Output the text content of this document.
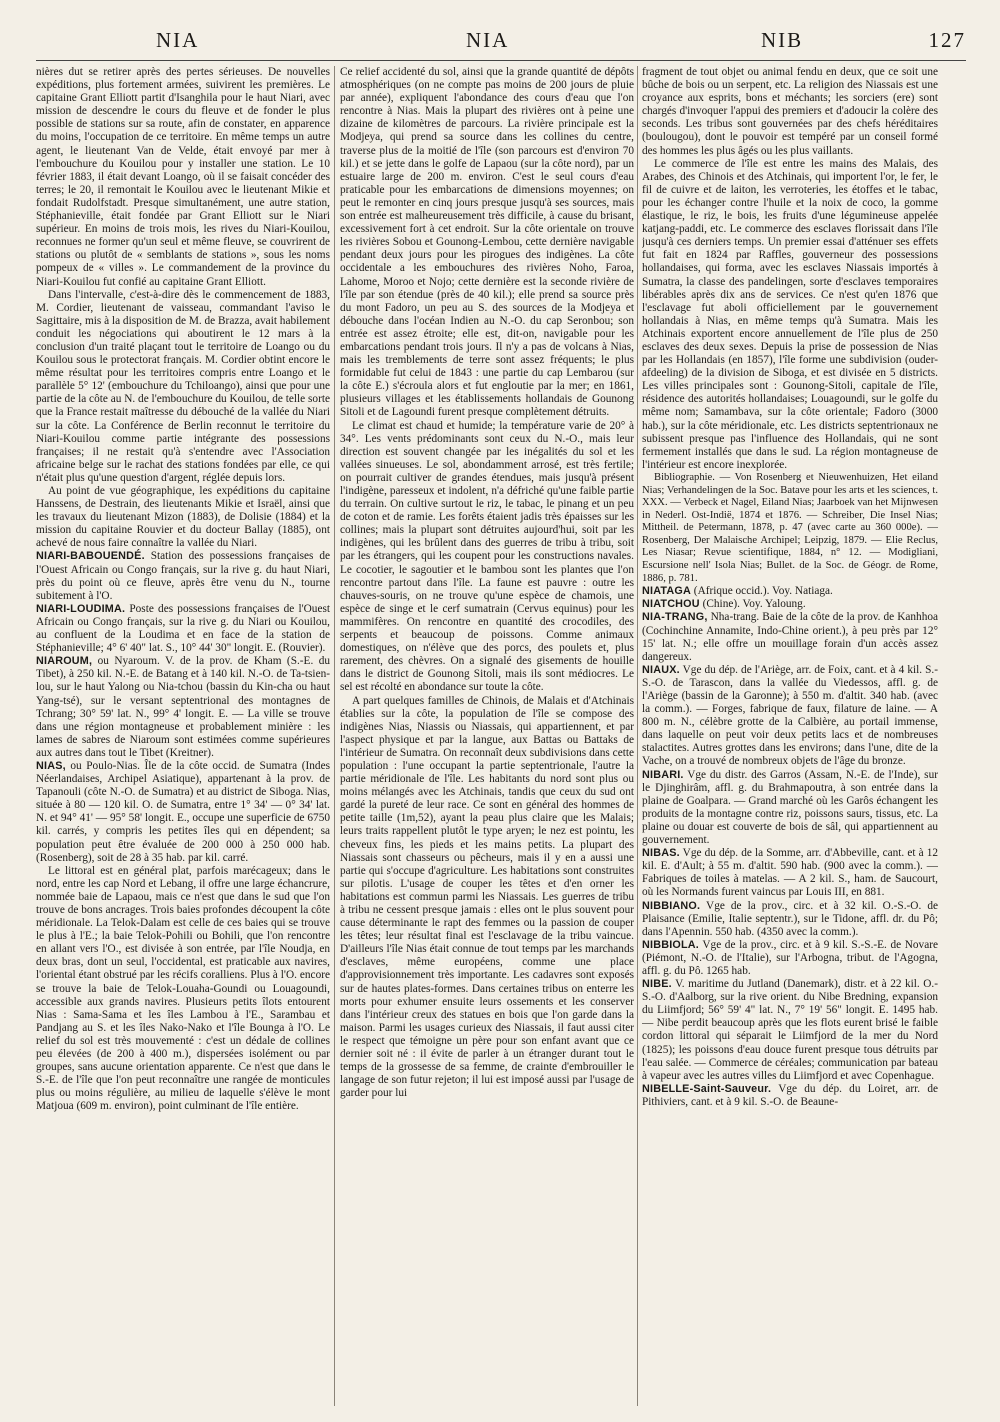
NIA	NIA	NIB	127

nières dut se retirer après des pertes sérieuses. De nouvelles expéditions, plus fortement armées, suivirent les premières. Le capitaine Grant Elliott partit d'Isanghila pour le haut Niari, avec mission de descendre le cours du fleuve et de fonder le plus possible de stations sur sa route, afin de constater, en apparence du moins, l'occupation de ce territoire. En même temps un autre agent, le lieutenant Van de Velde, était envoyé par mer à l'embouchure du Kouilou pour y installer une station. Le 10 février 1883, il était devant Loango, où il se faisait concéder des terres; le 20, il remontait le Kouilou avec le lieutenant Mikie et fondait Rudolfstadt. Presque simultanément, une autre station, Stéphanieville, était fondée par Grant Elliott sur le Niari supérieur. En moins de trois mois, les rives du Niari-Kouilou, reconnues ne former qu'un seul et même fleuve, se couvrirent de stations ou plutôt de « semblants de stations », sous les noms pompeux de « villes ». Le commandement de la province du Niari-Kouilou fut confié au capitaine Grant Elliott.

Dans l'intervalle, c'est-à-dire dès le commencement de 1883, M. Cordier, lieutenant de vaisseau, commandant l'aviso le Sagittaire, mis à la disposition de M. de Brazza, avait habilement conduit les négociations qui aboutirent le 12 mars à la conclusion d'un traité plaçant tout le territoire de Loango ou du Kouilou sous le protectorat français. M. Cordier obtint encore le même résultat pour les territoires compris entre Loango et le parallèle 5° 12' (embouchure du Tchiloango), ainsi que pour une partie de la côte au N. de l'embouchure du Kouilou, de telle sorte que la France restait maîtresse du débouché de la vallée du Niari sur la côte. La Conférence de Berlin reconnut le territoire du Niari-Kouilou comme partie intégrante des possessions françaises; il ne restait qu'à s'entendre avec l'Association africaine belge sur le rachat des stations fondées par elle, ce qui n'était plus qu'une question d'argent, réglée depuis lors.

Au point de vue géographique, les expéditions du capitaine Hanssens, de Destrain, des lieutenants Mikie et Israël, ainsi que les travaux du lieutenant Mizon (1883), de Dolisie (1884) et la mission du capitaine Rouvier et du docteur Ballay (1885), ont achevé de nous faire connaître la vallée du Niari.

NIARI-BABOUENDÉ. Station des possessions françaises de l'Ouest Africain ou Congo français, sur la rive g. du haut Niari, près du point où ce fleuve, après être venu du N., tourne subitement à l'O.

NIARI-LOUDIMA. Poste des possessions françaises de l'Ouest Africain ou Congo français, sur la rive g. du Niari ou Kouilou, au confluent de la Loudima et en face de la station de Stéphanieville; 4° 6' 40" lat. S., 10° 44' 30" longit. E. (Rouvier).

NIAROUM, ou Nyaroum. V. de la prov. de Kham (S.-E. du Tibet), à 250 kil. N.-E. de Batang et à 140 kil. N.-O. de Ta-tsien-lou, sur le haut Yalong ou Nia-tchou (bassin du Kin-cha ou haut Yang-tsé), sur le versant septentrional des montagnes de Tchrang; 30° 59' lat. N., 99° 4' longit. E. — La ville se trouve dans une région montagneuse et probablement minière : les lames de sabres de Niaroum sont estimées comme supérieures aux autres dans tout le Tibet (Kreitner).

NIAS, ou Poulo-Nias. Île de la côte occid. de Sumatra (Indes Néerlandaises, Archipel Asiatique), appartenant à la prov. de Tapanouli (côte N.-O. de Sumatra) et au district de Siboga. Nias, située à 80 — 120 kil. O. de Sumatra, entre 1° 34' — 0° 34' lat. N. et 94° 41' — 95° 58' longit. E., occupe une superficie de 6750 kil. carrés, y compris les petites îles qui en dépendent; sa population peut être évaluée de 200 000 à 250 000 hab. (Rosenberg), soit de 28 à 35 hab. par kil. carré.

Le littoral est en général plat, parfois marécageux; dans le nord, entre les cap Nord et Lebang, il offre une large échancrure, nommée baie de Lapaou, mais ce n'est que dans le sud que l'on trouve de bons ancrages. Trois baies profondes découpent la côte méridionale. La Telok-Dalam est celle de ces baies qui se trouve le plus à l'E.; la baie Telok-Pohili ou Bohili, que l'on rencontre en allant vers l'O., est divisée à son entrée, par l'île Noudja, en deux bras, dont un seul, l'occidental, est praticable aux navires, l'oriental étant obstrué par les récifs coralliens. Plus à l'O. encore se trouve la baie de Telok-Louaha-Goundi ou Louagoundi, accessible aux grands navires. Plusieurs petits îlots entourent Nias : Sama-Sama et les îles Lambou à l'E., Sarambau et Pandjang au S. et les îles Nako-Nako et l'île Bounga à l'O. Le relief du sol est très mouvementé : c'est un dédale de collines peu élevées (de 200 à 400 m.), dispersées isolément ou par groupes, sans aucune orientation apparente. Ce n'est que dans le S.-E. de l'île que l'on peut reconnaître une rangée de monticules plus ou moins régulière, au milieu de laquelle s'élève le mont Matjoua (609 m. environ), point culminant de l'île entière.

Ce relief accidenté du sol, ainsi que la grande quantité de dépôts atmosphériques (on ne compte pas moins de 200 jours de pluie par année), expliquent l'abondance des cours d'eau que l'on rencontre à Nias. Mais la plupart des rivières ont à peine une dizaine de kilomètres de parcours. La rivière principale est la Modjeya, qui prend sa source dans les collines du centre, traverse plus de la moitié de l'île (son parcours est d'environ 70 kil.) et se jette dans le golfe de Lapaou (sur la côte nord), par un estuaire large de 200 m. environ. C'est le seul cours d'eau praticable pour les embarcations de dimensions moyennes; on peut le remonter en cinq jours presque jusqu'à ses sources, mais son entrée est malheureusement très difficile, à cause du brisant, excessivement fort à cet endroit. Sur la côte orientale on trouve les rivières Sobou et Gounong-Lembou, cette dernière navigable pendant deux jours pour les pirogues des indigènes. La côte occidentale a les embouchures des rivières Noho, Faroa, Lahome, Moroo et Nojo; cette dernière est la seconde rivière de l'île par son étendue (près de 40 kil.); elle prend sa source près du mont Fadoro, un peu au S. des sources de la Modjeya et débouche dans l'océan Indien au N.-O. du cap Seronbou; son entrée est assez étroite; elle est, dit-on, navigable pour les embarcations pendant trois jours. Il n'y a pas de volcans à Nias, mais les tremblements de terre sont assez fréquents; le plus formidable fut celui de 1843 : une partie du cap Lembarou (sur la côte E.) s'écroula alors et fut engloutie par la mer; en 1861, plusieurs villages et les établissements hollandais de Gounong Sitoli et de Lagoundi furent presque complètement détruits.

Le climat est chaud et humide; la température varie de 20° à 34°. Les vents prédominants sont ceux du N.-O., mais leur direction est souvent changée par les inégalités du sol et les vallées sinueuses. Le sol, abondamment arrosé, est très fertile; on pourrait cultiver de grandes étendues, mais jusqu'à présent l'indigène, paresseux et indolent, n'a défriché qu'une faible partie du terrain. On cultive surtout le riz, le tabac, le pinang et un peu de coton et de ramie. Les forêts étaient jadis très épaisses sur les collines; mais la plupart sont détruites aujourd'hui, soit par les indigènes, qui les brûlent dans des guerres de tribu à tribu, soit par les étrangers, qui les coupent pour les constructions navales. Le cocotier, le sagoutier et le bambou sont les plantes que l'on rencontre partout dans l'île. La faune est pauvre : outre les chauves-souris, on ne trouve qu'une espèce de chamois, une espèce de singe et le cerf sumatrain (Cervus equinus) pour les mammifères. On rencontre en quantité des crocodiles, des serpents et beaucoup de poissons. Comme animaux domestiques, on n'élève que des porcs, des poulets et, plus rarement, des chèvres. On a signalé des gisements de houille dans le district de Gounong Sitoli, mais ils sont médiocres. Le sel est récolté en abondance sur toute la côte.

A part quelques familles de Chinois, de Malais et d'Atchinais établies sur la côte, la population de l'île se compose des indigènes Nias, Niassis ou Niassais, qui appartiennent, et par l'aspect physique et par la langue, aux Battas ou Battaks de l'intérieur de Sumatra. On reconnaît deux subdivisions dans cette population : l'une occupant la partie septentrionale, l'autre la partie méridionale de l'île. Les habitants du nord sont plus ou moins mélangés avec les Atchinais, tandis que ceux du sud ont gardé la pureté de leur race. Ce sont en général des hommes de petite taille (1m,52), ayant la peau plus claire que les Malais; leurs traits rappellent plutôt le type aryen; le nez est pointu, les cheveux fins, les pieds et les mains petits. La plupart des Niassais sont chasseurs ou pêcheurs, mais il y en a aussi une partie qui s'occupe d'agriculture. Les habitations sont construites sur pilotis. L'usage de couper les têtes et d'en orner les habitations est commun parmi les Niassais. Les guerres de tribu à tribu ne cessent presque jamais : elles ont le plus souvent pour cause déterminante le rapt des femmes ou la passion de couper les têtes; leur résultat final est l'esclavage de la tribu vaincue. D'ailleurs l'île Nias était connue de tout temps par les marchands d'esclaves, même européens, comme une place d'approvisionnement très importante. Les cadavres sont exposés sur de hautes plates-formes. Dans certaines tribus on enterre les morts pour exhumer ensuite leurs ossements et les conserver dans l'intérieur creux des statues en bois que l'on garde dans la maison. Parmi les usages curieux des Niassais, il faut aussi citer le respect que témoigne un père pour son enfant avant que ce dernier soit né : il évite de parler à un étranger durant tout le temps de la grossesse de sa femme, de crainte d'embrouiller le langage de son futur rejeton; il lui est imposé aussi par l'usage de garder pour lui

fragment de tout objet ou animal fendu en deux, que ce soit une bûche de bois ou un serpent, etc. La religion des Niassais est une croyance aux esprits, bons et méchants; les sorciers (ere) sont chargés d'invoquer l'appui des premiers et d'adoucir la colère des seconds. Les tribus sont gouvernées par des chefs héréditaires (boulougou), dont le pouvoir est tempéré par un conseil formé des hommes les plus âgés ou les plus vaillants.

Le commerce de l'île est entre les mains des Malais, des Arabes, des Chinois et des Atchinais, qui importent l'or, le fer, le fil de cuivre et de laiton, les verroteries, les étoffes et le tabac, pour les échanger contre l'huile et la noix de coco, la gomme élastique, le riz, le bois, les fruits d'une légumineuse appelée katjang-paddi, etc. Le commerce des esclaves florissait dans l'île jusqu'à ces derniers temps. Un premier essai d'atténuer ses effets fut fait en 1824 par Raffles, gouverneur des possessions hollandaises, qui forma, avec les esclaves Niassais importés à Sumatra, la classe des pandelingen, sorte d'esclaves temporaires libérables après dix ans de services. Ce n'est qu'en 1876 que l'esclavage fut aboli officiellement par le gouvernement hollandais à Nias, en même temps qu'à Sumatra. Mais les Atchinais exportent encore annuellement de l'île plus de 250 esclaves des deux sexes. Depuis la prise de possession de Nias par les Hollandais (en 1857), l'île forme une subdivision (ouder-afdeeling) de la division de Siboga, et est divisée en 5 districts. Les villes principales sont : Gounong-Sitoli, capitale de l'île, résidence des autorités hollandaises; Louagoundi, sur le golfe du même nom; Samambava, sur la côte orientale; Fadoro (3000 hab.), sur la côte méridionale, etc. Les districts septentrionaux ne subissent presque pas l'influence des Hollandais, qui ne sont fermement installés que dans le sud. La région montagneuse de l'intérieur est encore inexplorée.

Bibliographie. — Von Rosenberg et Nieuwenhuizen, Het eiland Nias; Verhandelingen de la Soc. Batave pour les arts et les sciences, t. XXX. — Verbeck et Nagel, Eiland Nias; Jaarboek van het Mijnwesen in Nederl. Ost-Indië, 1874 et 1876. — Schreiber, Die Insel Nias; Mittheil. de Petermann, 1878, p. 47 (avec carte au 360 000e). — Rosenberg, Der Malaische Archipel; Leipzig, 1879. — Elie Reclus, Les Niasar; Revue scientifique, 1884, n° 12. — Modigliani, Escursione nell' Isola Nias; Bullet. de la Soc. de Géogr. de Rome, 1886, p. 781.

NIATAGA (Afrique occid.). Voy. Natiaga.

NIATCHOU (Chine). Voy. Yaloung.

NIA-TRANG, Nha-trang. Baie de la côte de la prov. de Kanhhoa (Cochinchine Annamite, Indo-Chine orient.), à peu près par 12° 15' lat. N.; elle offre un mouillage forain d'un accès assez dangereux.

NIAUX. Vge du dép. de l'Ariège, arr. de Foix, cant. et à 4 kil. S.-S.-O. de Tarascon, dans la vallée du Viedessos, affl. g. de l'Ariège (bassin de la Garonne); à 550 m. d'altit. 340 hab. (avec la comm.). — Forges, fabrique de faux, filature de laine. — A 800 m. N., célèbre grotte de la Calbière, au portail immense, dans laquelle on peut voir deux petits lacs et de nombreuses stalactites. Autres grottes dans les environs; dans l'une, dite de la Vache, on a trouvé de nombreux objets de l'âge du bronze.

NIBARI. Vge du distr. des Garros (Assam, N.-E. de l'Inde), sur le Djinghirâm, affl. g. du Brahmapoutra, à son entrée dans la plaine de Goalpara. — Grand marché où les Garôs échangent les produits de la montagne contre riz, poissons saurs, tissus, etc. La plaine ou douar est couverte de bois de sâl, qui appartiennent au gouvernement.

NIBAS. Vge du dép. de la Somme, arr. d'Abbeville, cant. et à 12 kil. E. d'Ault; à 55 m. d'altit. 590 hab. (900 avec la comm.). — Fabriques de toiles à matelas. — A 2 kil. S., ham. de Saucourt, où les Normands furent vaincus par Louis III, en 881.

NIBBIANO. Vge de la prov., circ. et à 32 kil. O.-S.-O. de Plaisance (Emilie, Italie septentr.), sur le Tidone, affl. dr. du Pô; dans l'Apennin. 550 hab. (4350 avec la comm.).

NIBBIOLA. Vge de la prov., circ. et à 9 kil. S.-S.-E. de Novare (Piémont, N.-O. de l'Italie), sur l'Arbogna, tribut. de l'Agogna, affl. g. du Pô. 1265 hab.

NIBE. V. maritime du Jutland (Danemark), distr. et à 22 kil. O.-S.-O. d'Aalborg, sur la rive orient. du Nibe Bredning, expansion du Liimfjord; 56° 59' 4" lat. N., 7° 19' 56" longit. E. 1495 hab. — Nibe perdit beaucoup après que les flots eurent brisé le faible cordon littoral qui séparait le Liimfjord de la mer du Nord (1825); les poissons d'eau douce furent presque tous détruits par l'eau salée. — Commerce de céréales; communication par bateau à vapeur avec les autres villes du Liimfjord et avec Copenhague.

NIBELLE-Saint-Sauveur. Vge du dép. du Loiret, arr. de Pithiviers, cant. et à 9 kil. S.-O. de Beaune-
